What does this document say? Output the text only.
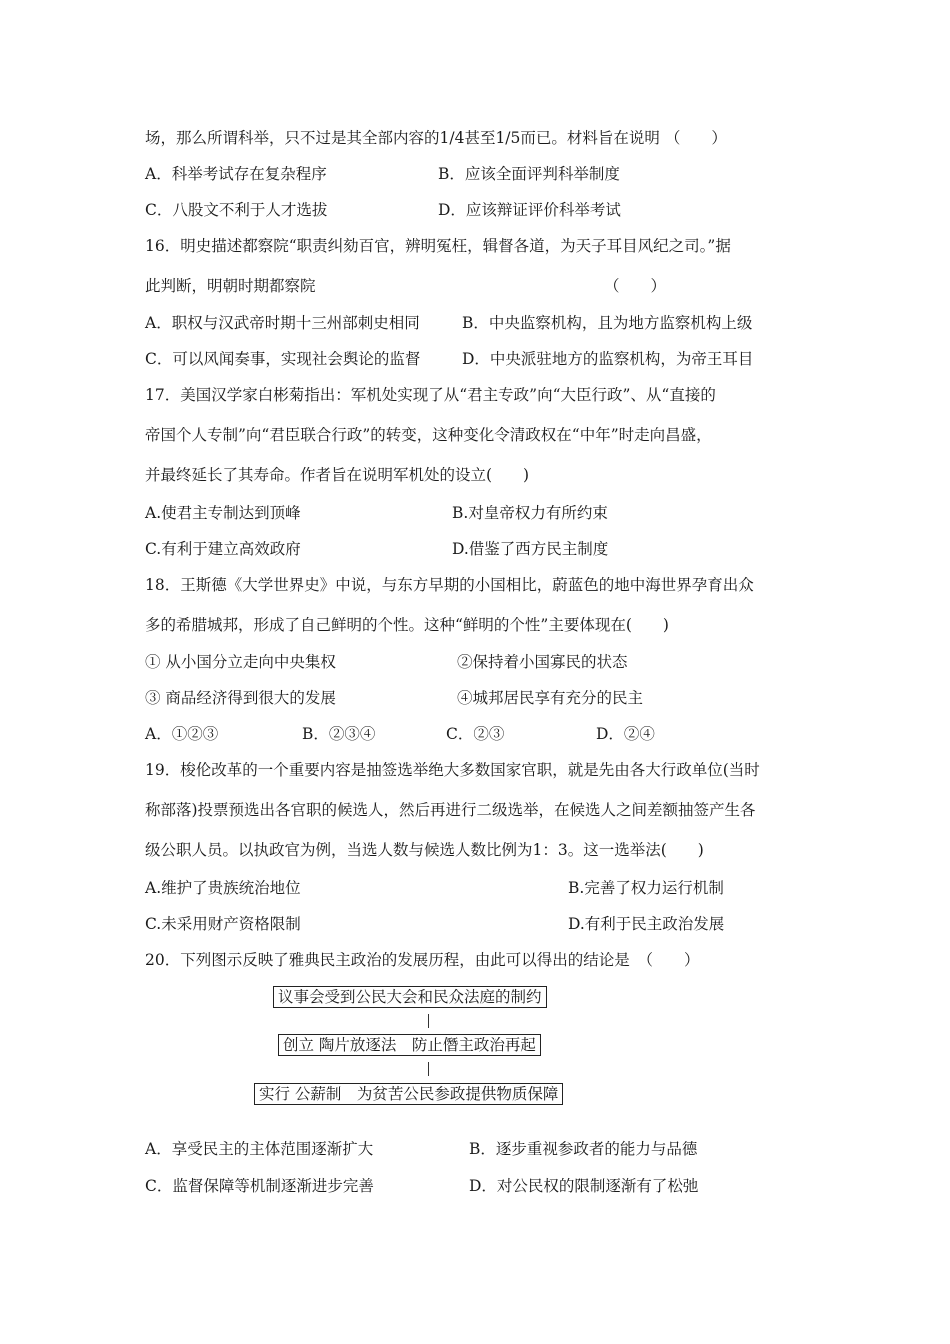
场，那么所谓科举，只不过是其全部内容的1/4甚至1/5而已。材料旨在说明 （　　）
A．科举考试存在复杂程序	B．应该全面评判科举制度
C．八股文不利于人才选拔	D．应该辩证评价科举考试
16．明史描述都察院“职责纠劾百官，辨明冤枉，辑督各道，为天子耳目风纪之司。”据
此判断，明朝时期都察院	（　　）
A．职权与汉武帝时期十三州部刺史相同	B．中央监察机构，且为地方监察机构上级
C．可以风闻奏事，实现社会舆论的监督	D．中央派驻地方的监察机构，为帝王耳目
17．美国汉学家白彬菊指出：军机处实现了从“君主专政”向“大臣行政”、从“直接的
帝国个人专制”向“君臣联合行政”的转变，这种变化令清政权在“中年”时走向昌盛，
并最终延长了其寿命。作者旨在说明军机处的设立(　　)
A.使君主专制达到顶峰	B.对皇帝权力有所约束
C.有利于建立高效政府	D.借鉴了西方民主制度
18．王斯德《大学世界史》中说，与东方早期的小国相比，蔚蓝色的地中海世界孕育出众
多的希腊城邦，形成了自己鲜明的个性。这种“鲜明的个性”主要体现在(　　)
① 从小国分立走向中央集权	②保持着小国寡民的状态
③ 商品经济得到很大的发展	④城邦居民享有充分的民主
A．①②③	B．②③④	C．②③	D．②④
19．梭伦改革的一个重要内容是抽签选举绝大多数国家官职，就是先由各大行政单位(当时
称部落)投票预选出各官职的候选人，然后再进行二级选举，在候选人之间差额抽签产生各
级公职人员。以执政官为例，当选人数与候选人数比例为1：3。这一选举法(　　)
A.维护了贵族统治地位	B.完善了权力运行机制
C.未采用财产资格限制	D.有利于民主政治发展
20．下列图示反映了雅典民主政治的发展历程，由此可以得出的结论是　（　　）
议事会受到公民大会和民众法庭的制约
创立 陶片放逐法　防止僭主政治再起
实行 公薪制　为贫苦公民参政提供物质保障
A．享受民主的主体范围逐渐扩大	B．逐步重视参政者的能力与品德
C．监督保障等机制逐渐进步完善	D．对公民权的限制逐渐有了松弛
